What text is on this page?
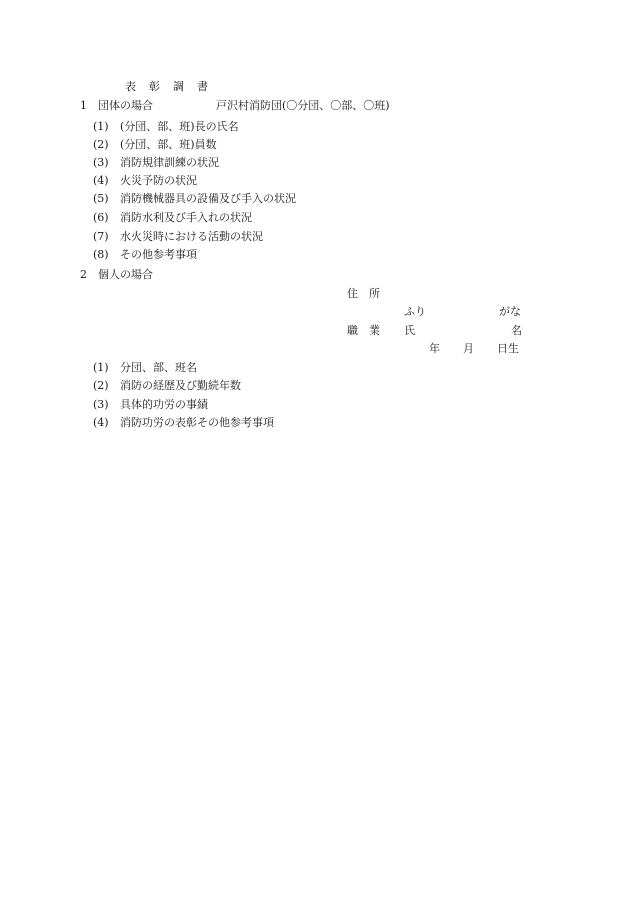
表　彰　調　書
1　団体の場合	戸沢村消防団(〇分団、〇部、〇班)
(1) (分団、部、班)長の氏名
(2) (分団、部、班)員数
(3) 消防規律訓練の状況
(4) 火災予防の状況
(5) 消防機械器具の設備及び手入の状況
(6) 消防水利及び手入れの状況
(7) 水火災時における活動の状況
(8) その他参考事項
2　個人の場合
住　所
ふり	がな
職　業 氏	名
年 月 日生
(1) 分団、部、班名
(2) 消防の経歴及び勤続年数
(3) 具体的功労の事績
(4) 消防功労の表彰その他参考事項
